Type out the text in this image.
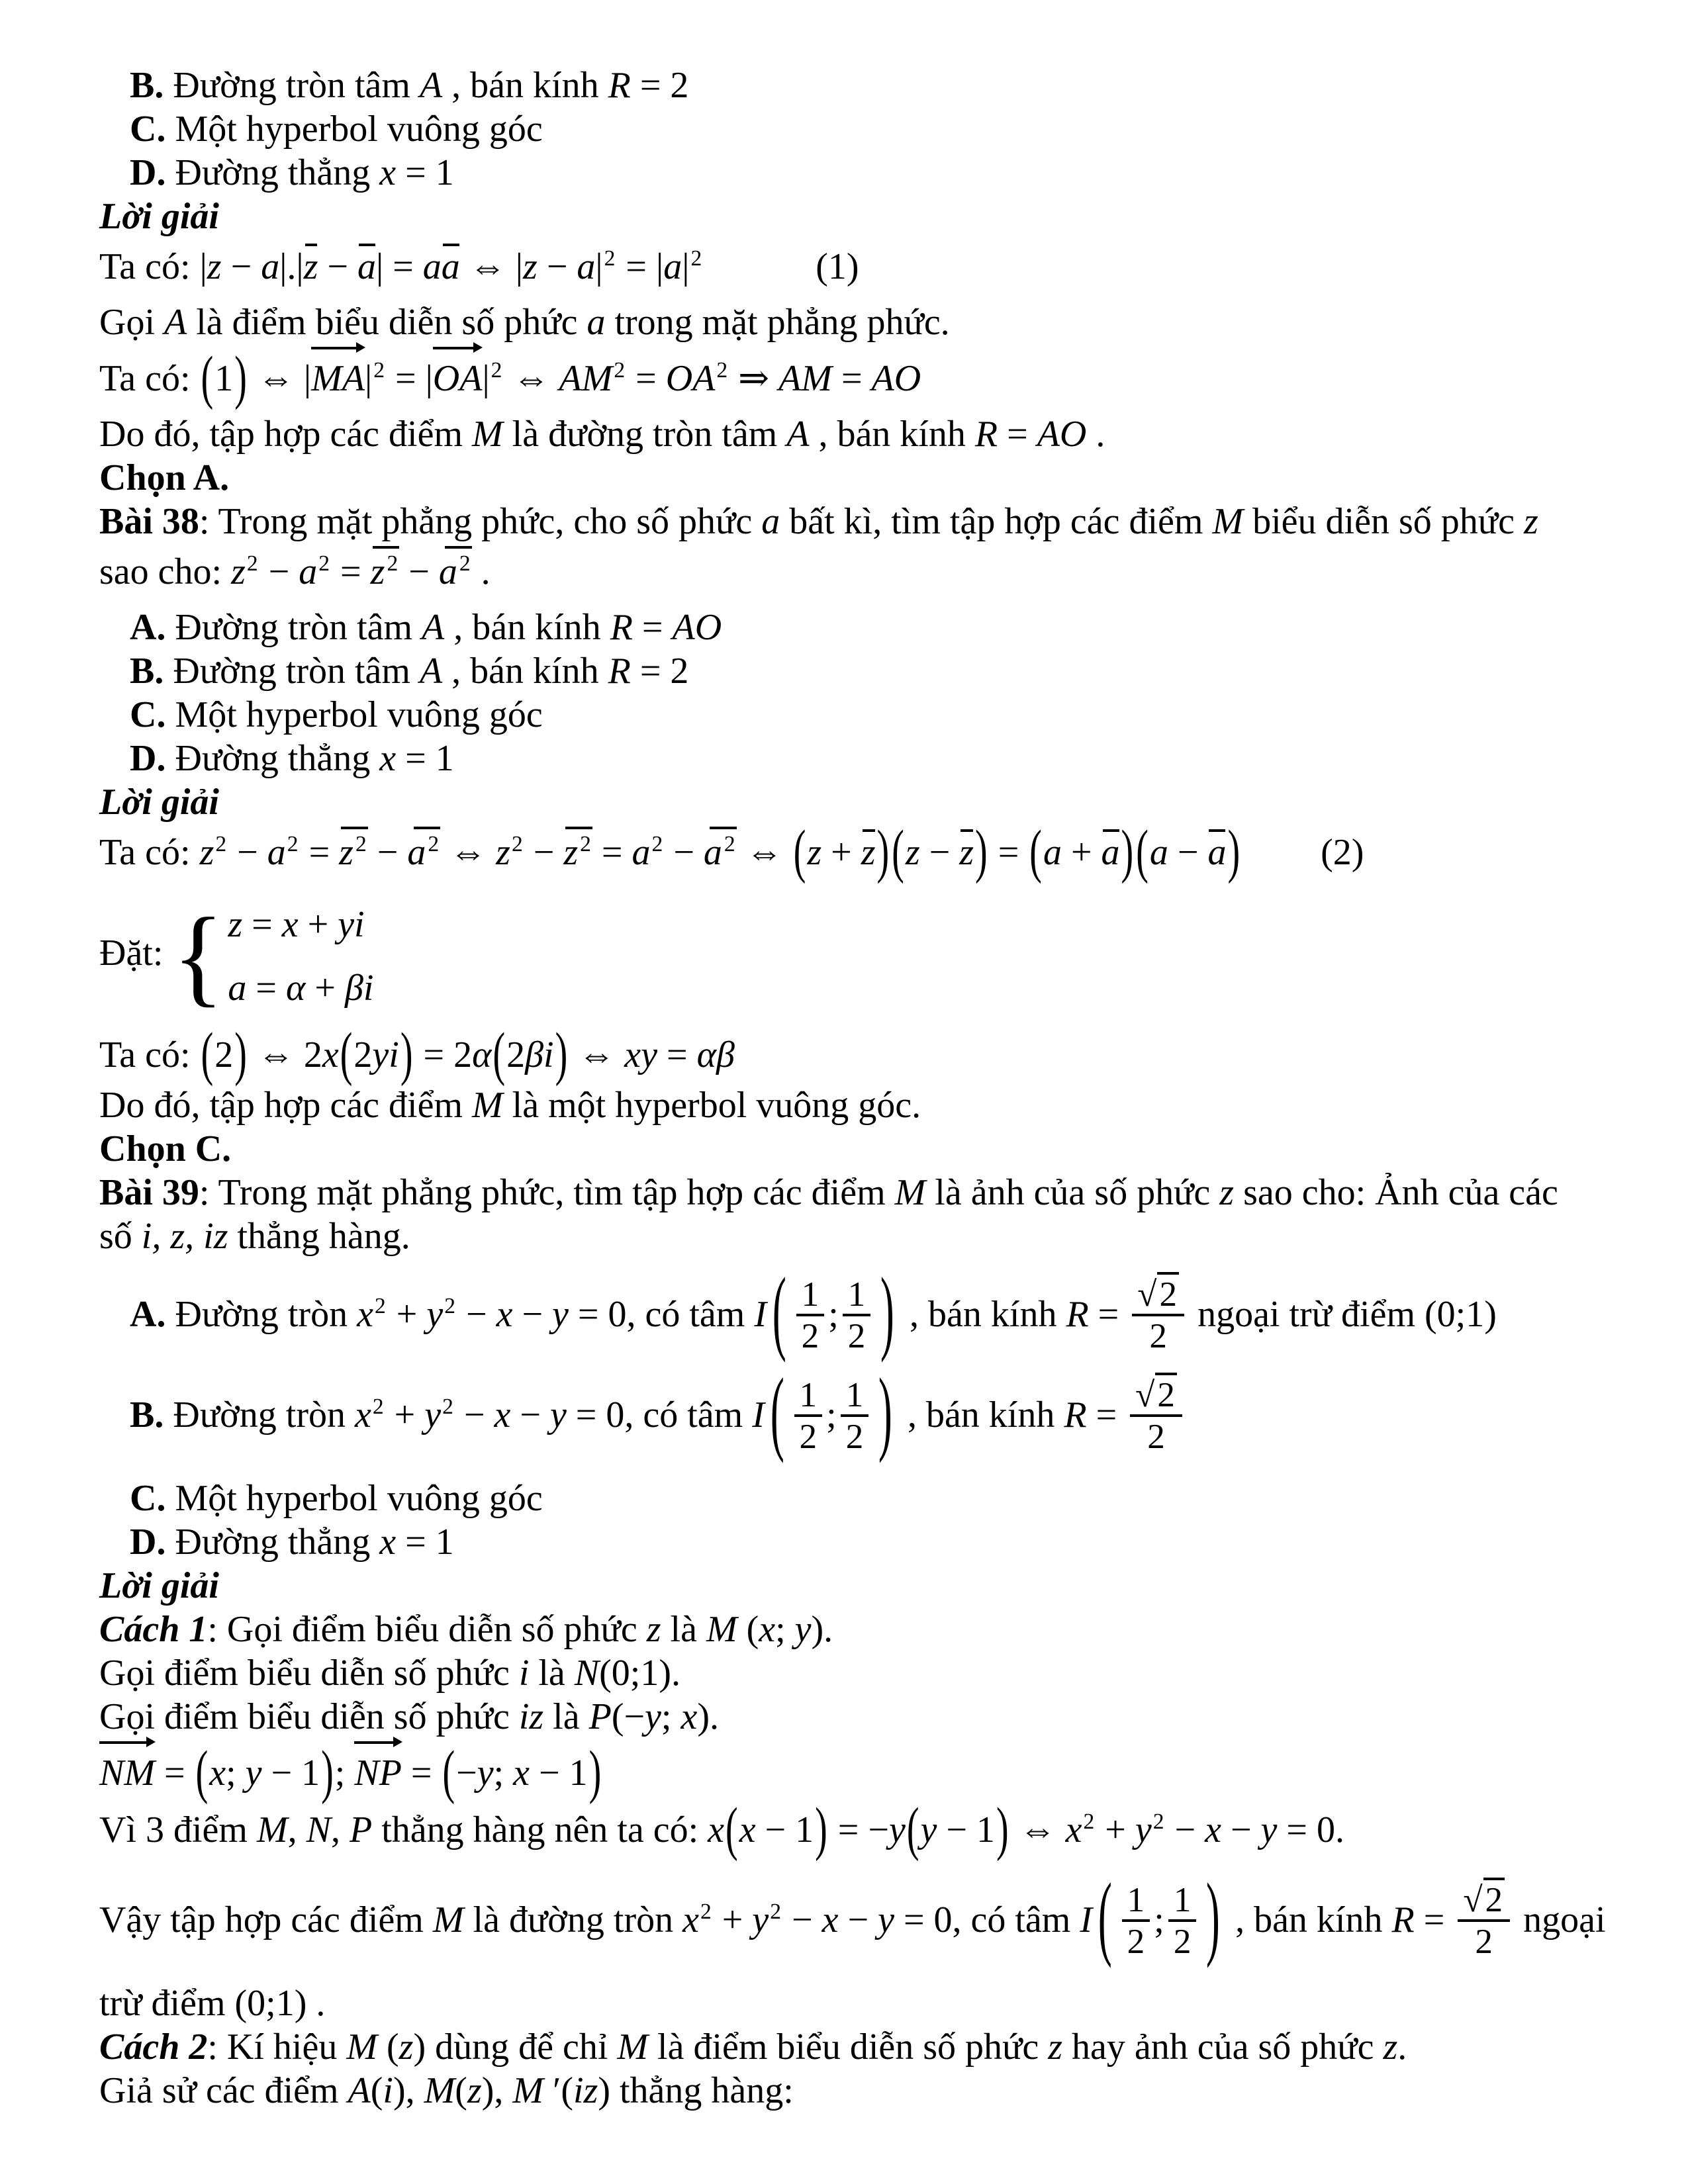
B. Đường tròn tâm A , bán kính R = 2
C. Một hyperbol vuông góc
D. Đường thẳng x = 1
Lời giải
Ta có: |z − a|.|z − a| = aa ⇔ $|z - a|^2 = |a|^2$	(1)
Gọi A là điểm biểu diễn số phức a trong mặt phẳng phức.
Ta có: (1) ⇔ $|MA|^2 = |OA|^2$ ⇔ $AM^2 = OA^2$ ⇒ AM = AO
Do đó, tập hợp các điểm M là đường tròn tâm A , bán kính R = AO .
Chọn A.
Bài 38: Trong mặt phẳng phức, cho số phức a bất kì, tìm tập hợp các điểm M biểu diễn số phức z
sao cho: $z^2 - a^2 = z^2 - a^2$ .
A. Đường tròn tâm A , bán kính R = AO
B. Đường tròn tâm A , bán kính R = 2
C. Một hyperbol vuông góc
D. Đường thẳng x = 1
Lời giải
Ta có: $z^2 - a^2 = z^2 - a^2$ ⇔ $z^2 - z^2 = a^2 - a^2$ ⇔ (z + z)(z − z) = (a + a)(a − a) (2)
Đặt: { z = x + yi
a = α + βi
Ta có: (2) ⇔ 2x(2yi) = 2α(2βi) ⇔ xy = αβ
Do đó, tập hợp các điểm M là một hyperbol vuông góc.
Chọn C.
Bài 39: Trong mặt phẳng phức, tìm tập hợp các điểm M là ảnh của số phức z sao cho: Ảnh của các
số i, z, iz thẳng hàng.
A. Đường tròn $x^2 + y^2 - x - y = 0$, có tâm I ( $\frac{1}{2}$ ; $\frac{1}{2}$ ) , bán kính $R = \frac{√2}{2}$ ngoại trừ điểm (0;1)
B. Đường tròn $x^2 + y^2 - x - y = 0$, có tâm I ( $\frac{1}{2}$ ; $\frac{1}{2}$ ) , bán kính $R = \frac{√2}{2}$
C. Một hyperbol vuông góc
D. Đường thẳng x = 1
Lời giải
Cách 1: Gọi điểm biểu diễn số phức z là M (x; y).
Gọi điểm biểu diễn số phức i là N(0;1).
Gọi điểm biểu diễn số phức iz là P(−y; x).
NM = (x; y − 1); NP = (−y; x − 1)
Vì 3 điểm M, N, P thẳng hàng nên ta có: x(x − 1) = −y(y − 1) ⇔ $x^2 + y^2 - x - y = 0$.
Vậy tập hợp các điểm M là đường tròn $x^2 + y^2 - x - y = 0$, có tâm I ( $\frac{1}{2}$ ; $\frac{1}{2}$ ) , bán kính $R = \frac{√2}{2}$ ngoại
trừ điểm (0;1) .
Cách 2: Kí hiệu M (z) dùng để chỉ M là điểm biểu diễn số phức z hay ảnh của số phức z.
Giả sử các điểm A(i), M(z), M ′(iz) thẳng hàng:
